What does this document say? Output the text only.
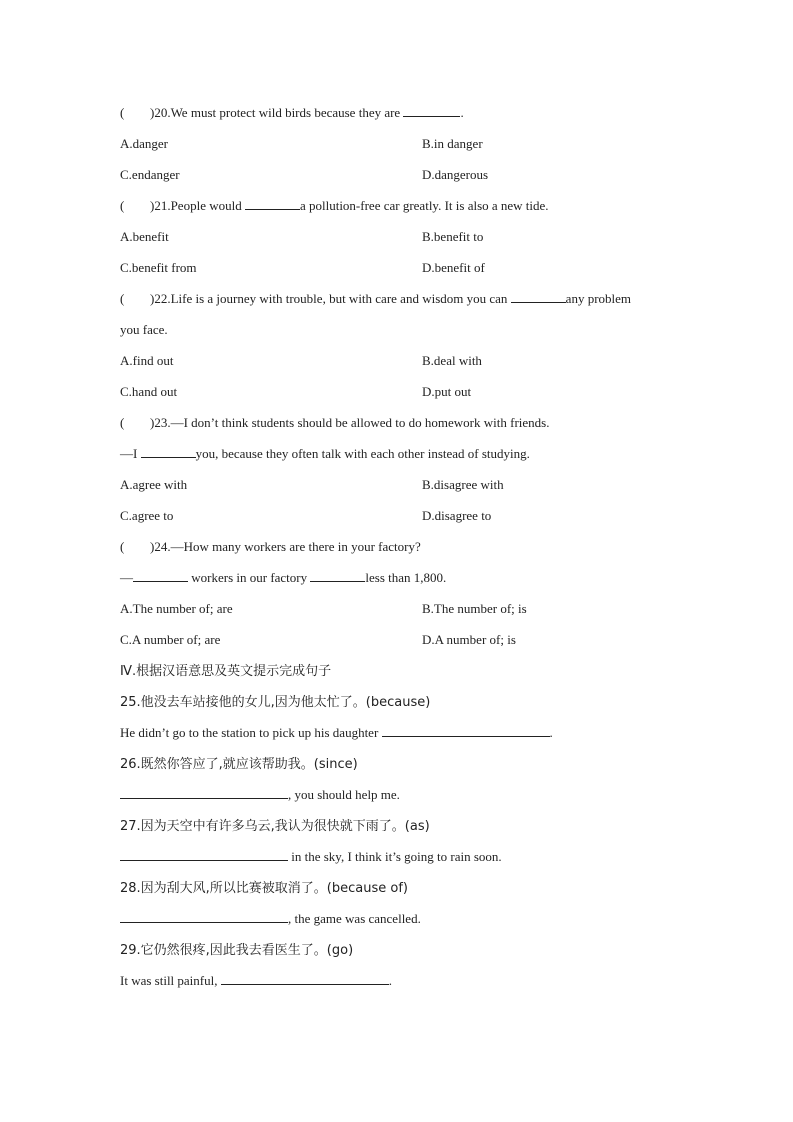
( )20.We must protect wild birds because they are	.
A.danger	B.in danger
C.endanger	D.dangerous
( )21.People would	a pollution-free car greatly. It is also a new tide.
A.benefit	B.benefit to
C.benefit from	D.benefit of
( )22.Life is a journey with trouble, but with care and wisdom you can	any problem
you face.
A.find out	B.deal with
C.hand out	D.put out
( )23.—I don’t think students should be allowed to do homework with friends.
—I	you, because they often talk with each other instead of studying.
A.agree with	B.disagree with
C.agree to	D.disagree to
( )24.—How many workers are there in your factory?
—	workers in our factory	less than 1,800.
A.The number of; are	B.The number of; is
C.A number of; are	D.A number of; is
Ⅳ.根据汉语意思及英文提示完成句子
25.他没去车站接他的女儿,因为他太忙了。(because)
He didn’t go to the station to pick up his daughter	.
26.既然你答应了,就应该帮助我。(since)
, you should help me.
27.因为天空中有许多乌云,我认为很快就下雨了。(as)
in the sky, I think it’s going to rain soon.
28.因为刮大风,所以比赛被取消了。(because of)
, the game was cancelled.
29.它仍然很疼,因此我去看医生了。(go)
It was still painful,	.
